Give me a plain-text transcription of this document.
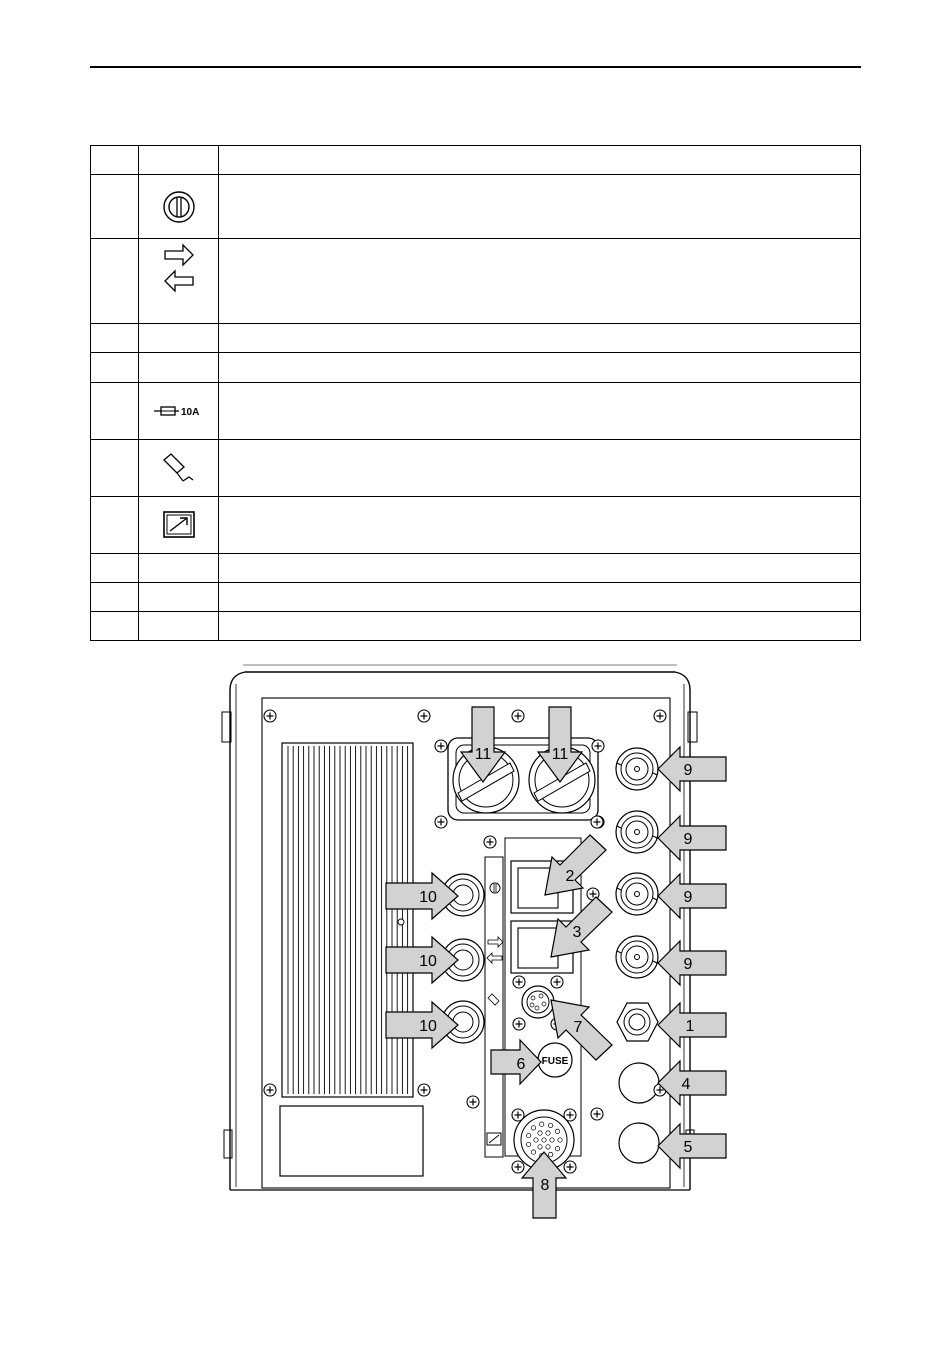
10A	

FUSE
11	11
9
9
9
9
1
4
5
10
10
10
2
3
7
6
8
